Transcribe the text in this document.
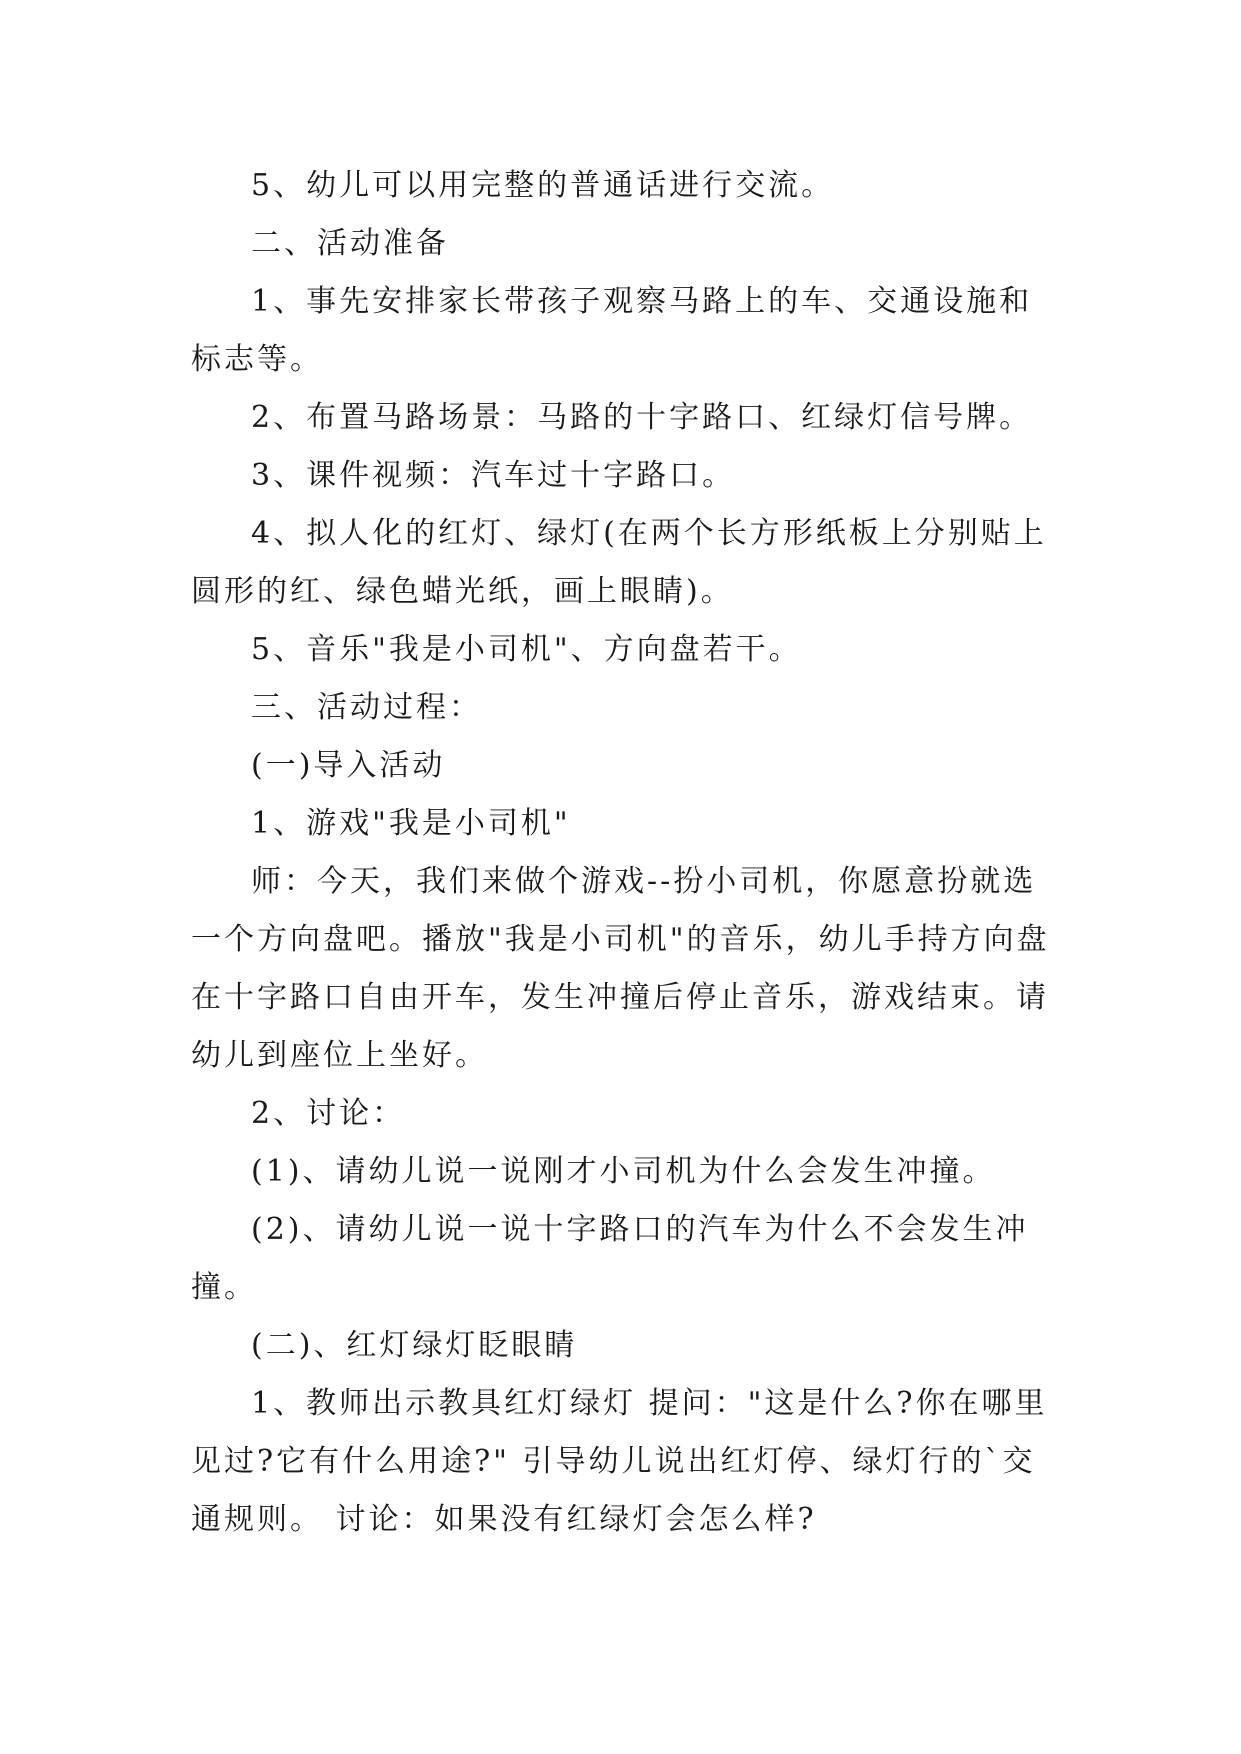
5、幼儿可以用完整的普通话进行交流。

二、活动准备

1、事先安排家长带孩子观察马路上的车、交通设施和标志等。

2、布置马路场景：马路的十字路口、红绿灯信号牌。

3、课件视频：汽车过十字路口。

4、拟人化的红灯、绿灯(在两个长方形纸板上分别贴上圆形的红、绿色蜡光纸，画上眼睛)。

5、音乐"我是小司机"、方向盘若干。

三、活动过程：

(一)导入活动

1、游戏"我是小司机"

师：今天，我们来做个游戏--扮小司机，你愿意扮就选一个方向盘吧。播放"我是小司机"的音乐，幼儿手持方向盘在十字路口自由开车，发生冲撞后停止音乐，游戏结束。请幼儿到座位上坐好。

2、讨论：

(1)、请幼儿说一说刚才小司机为什么会发生冲撞。

(2)、请幼儿说一说十字路口的汽车为什么不会发生冲撞。

(二)、红灯绿灯眨眼睛

1、教师出示教具红灯绿灯 提问："这是什么?你在哪里见过?它有什么用途?" 引导幼儿说出红灯停、绿灯行的`交通规则。 讨论：如果没有红绿灯会怎么样?
